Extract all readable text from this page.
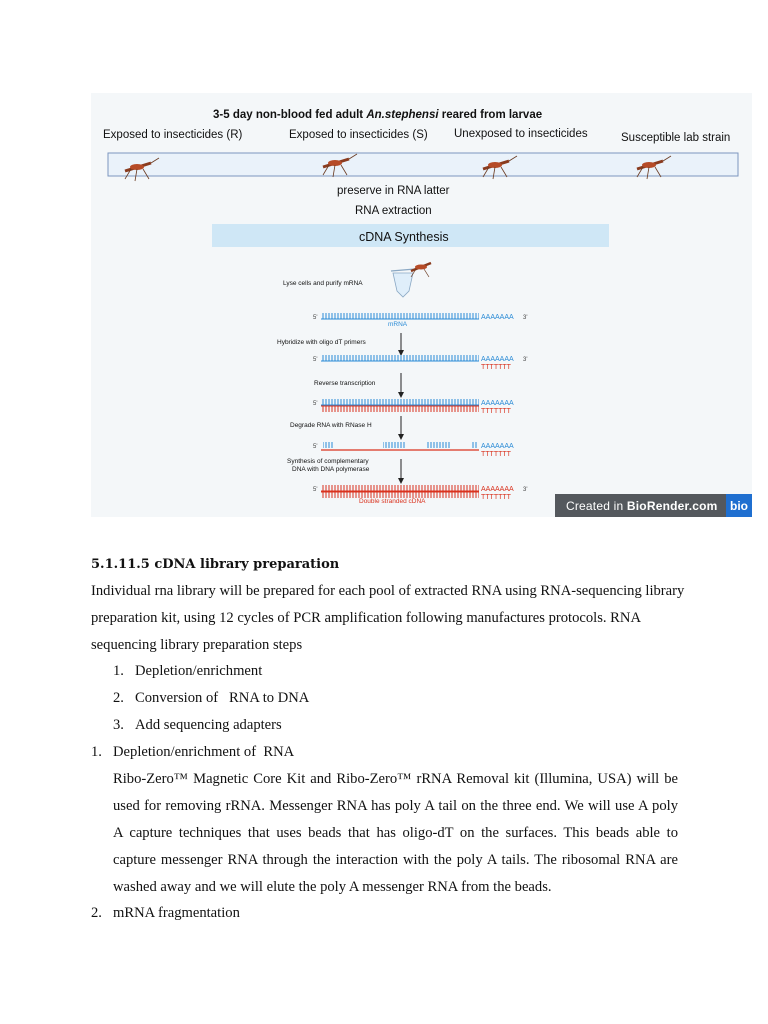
3-5 day non-blood fed adult An.stephensi reared from larvae
Exposed to insecticides (R)	Exposed to insecticides (S) Unexposed to insecticides	Susceptible lab strain
preserve in RNA latter
RNA extraction
cDNA Synthesis
Lyse cells and purify mRNA
5'	AAAAAAA 3'
mRNA
Hybridize with oligo dT primers
5'	AAAAAAA
TTTTTTT
3'
Reverse transcription
5'	AAAAAAA
TTTTTTT
Degrade RNA with RNase H
5'	AAAAAAA
TTTTTTT
Synthesis of complementary
DNA with DNA polymerase
5'	AAAAAAA
TTTTTTT
3'
Double stranded cDNA	Created in BioRender.com	bio
5.1.11.5 cDNA library preparation
Individual rna library will be prepared for each pool of extracted RNA using RNA-sequencing library preparation kit, using 12 cycles of PCR amplification following manufactures protocols. RNA sequencing library preparation steps
1. Depletion/enrichment
2. Conversion of   RNA to DNA
3. Add sequencing adapters
1. Depletion/enrichment of  RNA
Ribo-Zero™ Magnetic Core Kit and Ribo-Zero™ rRNA Removal kit (Illumina, USA) will be used for removing rRNA. Messenger RNA has poly A tail on the three end. We will use A poly A capture techniques that uses beads that has oligo-dT on the surfaces. This beads able to capture messenger RNA through the interaction with the poly A tails. The ribosomal RNA are washed away and we will elute the poly A messenger RNA from the beads.
2. mRNA fragmentation
